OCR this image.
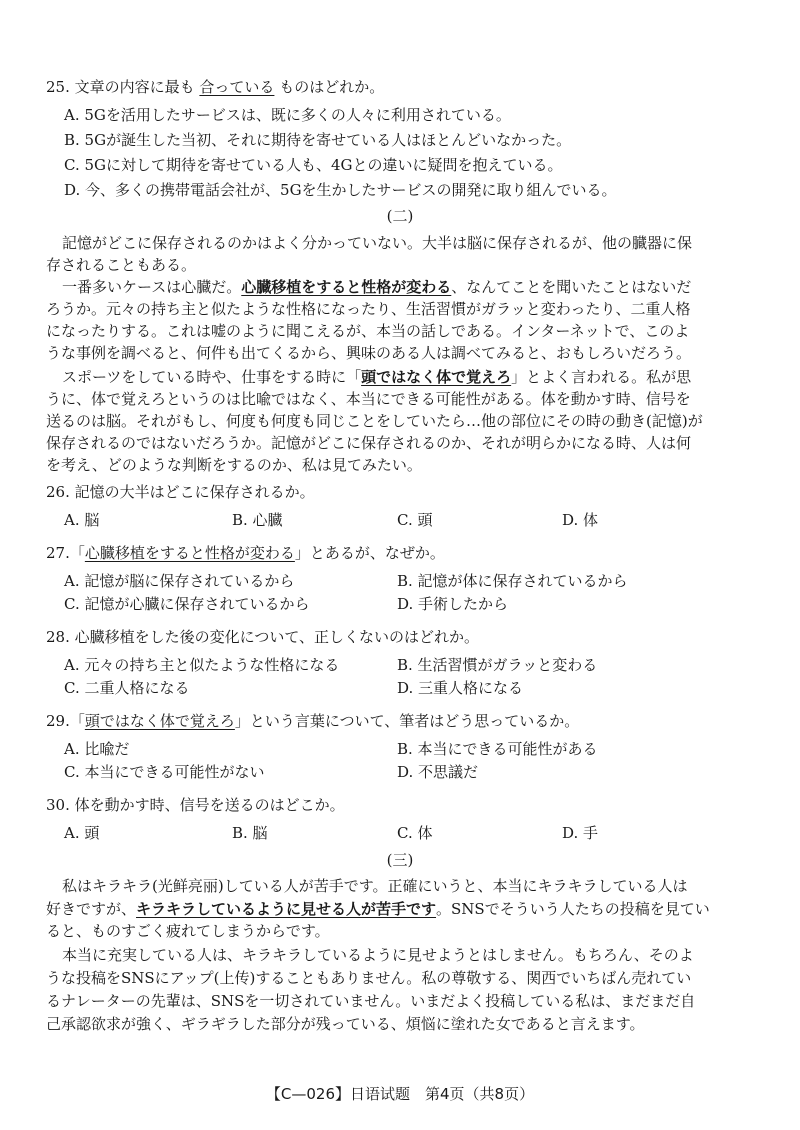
25. 文章の内容に最も 合っている ものはどれか。
A. 5Gを活用したサービスは、既に多くの人々に利用されている。
B. 5Gが誕生した当初、それに期待を寄せている人はほとんどいなかった。
C. 5Gに対して期待を寄せている人も、4Gとの違いに疑問を抱えている。
D. 今、多くの携帯電話会社が、5Gを生かしたサービスの開発に取り組んでいる。
(二)
記憶がどこに保存されるのかはよく分かっていない。大半は脳に保存されるが、他の臓器に保
存されることもある。
一番多いケースは心臓だ。心臓移植をすると性格が変わる、なんてことを聞いたことはないだ
ろうか。元々の持ち主と似たような性格になったり、生活習慣がガラッと変わったり、二重人格
になったりする。これは嘘のように聞こえるが、本当の話しである。インターネットで、このよ
うな事例を調べると、何件も出てくるから、興味のある人は調べてみると、おもしろいだろう。
スポーツをしている時や、仕事をする時に「頭ではなく体で覚えろ」とよく言われる。私が思
うに、体で覚えろというのは比喩ではなく、本当にできる可能性がある。体を動かす時、信号を
送るのは脳。それがもし、何度も何度も同じことをしていたら…他の部位にその時の動き(記憶)が
保存されるのではないだろうか。記憶がどこに保存されるのか、それが明らかになる時、人は何
を考え、どのような判断をするのか、私は見てみたい。
26. 記憶の大半はどこに保存されるか。
A. 脳	B. 心臓	C. 頭	D. 体
27.「心臓移植をすると性格が変わる」とあるが、なぜか。
A. 記憶が脳に保存されているから	B. 記憶が体に保存されているから
C. 記憶が心臓に保存されているから	D. 手術したから
28. 心臓移植をした後の変化について、正しくないのはどれか。
A. 元々の持ち主と似たような性格になる	B. 生活習慣がガラッと変わる
C. 二重人格になる	D. 三重人格になる
29.「頭ではなく体で覚えろ」という言葉について、筆者はどう思っているか。
A. 比喩だ	B. 本当にできる可能性がある
C. 本当にできる可能性がない	D. 不思議だ
30. 体を動かす時、信号を送るのはどこか。
A. 頭	B. 脳	C. 体	D. 手
(三)
私はキラキラ(光鲜亮丽)している人が苦手です。正確にいうと、本当にキラキラしている人は
好きですが、キラキラしているように見せる人が苦手です。SNSでそういう人たちの投稿を見てい
ると、ものすごく疲れてしまうからです。
本当に充実している人は、キラキラしているように見せようとはしません。もちろん、そのよ
うな投稿をSNSにアップ(上传)することもありません。私の尊敬する、関西でいちばん売れてい
るナレーターの先輩は、SNSを一切されていません。いまだよく投稿している私は、まだまだ自
己承認欲求が強く、ギラギラした部分が残っている、煩悩に塗れた女であると言えます。
【C—026】日语试题　第4页（共8页）
